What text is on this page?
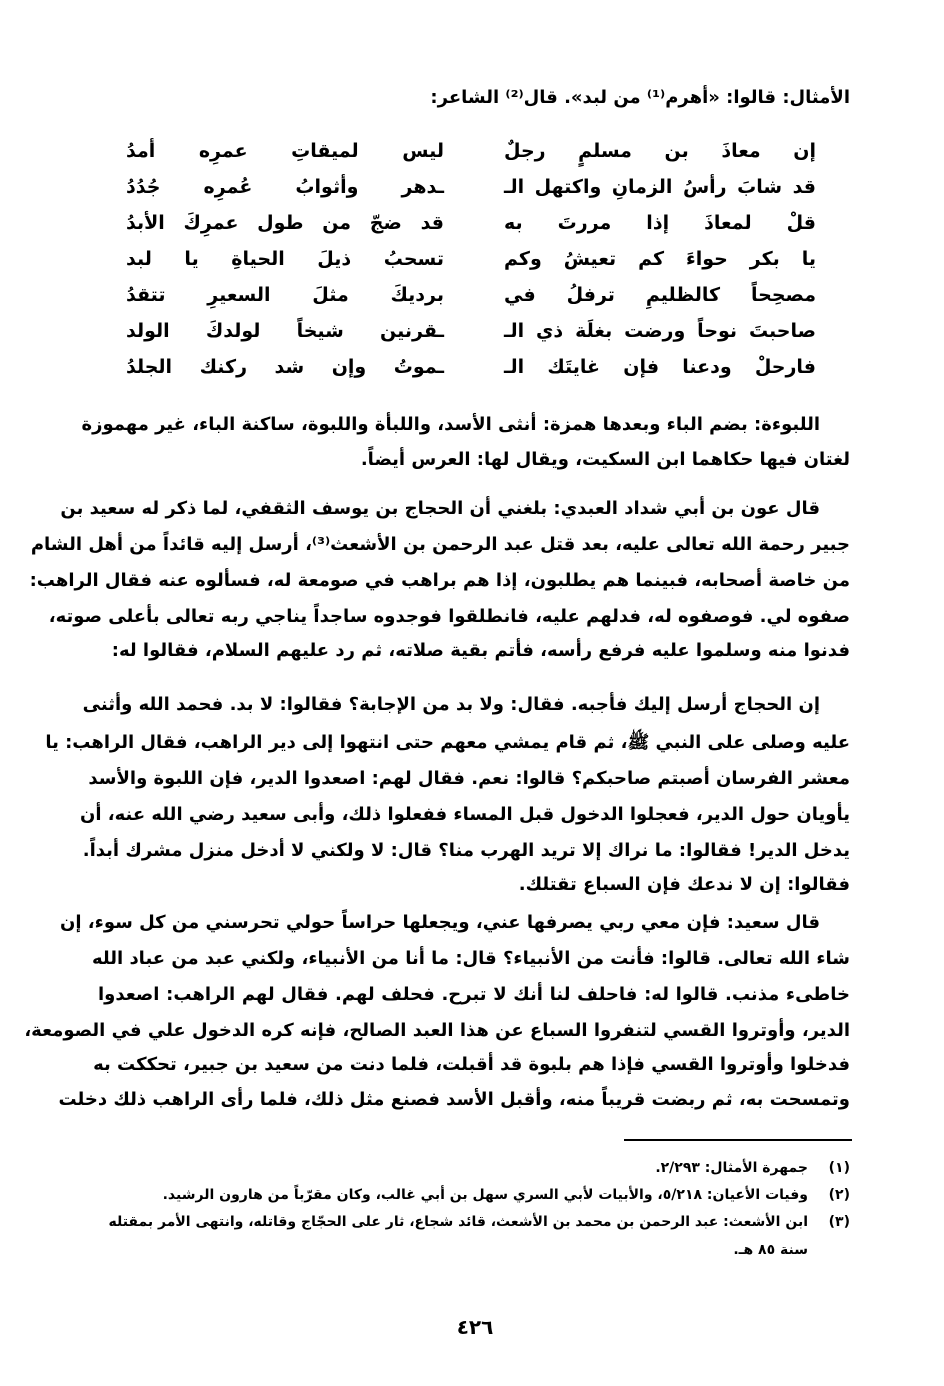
الأمثال: قالوا: «أهرم⁽¹⁾ من لبد». قال⁽²⁾ الشاعر:
إن معاذَ بن مسلمٍ رجلٌ
ليس لميقاتِ عمرِه أمدُ
قد شابَ رأسُ الزمانِ واكتهل الـ
ـدهر وأثوابُ عُمرِه جُدُدُ
قلْ لمعاذَ إذا مررتَ به
قد ضجّ من طول عمرِكَ الأبدُ
يا بكر حواءَ كم تعيشُ وكم
تسحبُ ذيلَ الحياةِ يا لبد
مصحِحاً كالظليمِ ترفلُ في
برديكَ مثلَ السعيرِ تتقدُ
صاحبتَ نوحاً ورضت بغلَة ذي الـ
ـقرنين شيخاً لولدكَ الولد
فارحلْ ودعنا فإن غايتَك الـ
ـموتُ وإن شد ركنك الجلدُ
اللبوءة: بضم الباء وبعدها همزة: أنثى الأسد، واللبأة واللبوة، ساكنة الباء، غير مهموزة
لغتان فيها حكاهما ابن السكيت، ويقال لها: العرس أيضاً.
قال عون بن أبي شداد العبدي: بلغني أن الحجاج بن يوسف الثقفي، لما ذكر له سعيد بن
جبير رحمة الله تعالى عليه، بعد قتل عبد الرحمن بن الأشعث⁽³⁾، أرسل إليه قائداً من أهل الشام
من خاصة أصحابه، فبينما هم يطلبون، إذا هم براهب في صومعة له، فسألوه عنه فقال الراهب:
صفوه لي. فوصفوه له، فدلهم عليه، فانطلقوا فوجدوه ساجداً يناجي ربه تعالى بأعلى صوته،
فدنوا منه وسلموا عليه فرفع رأسه، فأتم بقية صلاته، ثم رد عليهم السلام، فقالوا له:
إن الحجاج أرسل إليك فأجبه. فقال: ولا بد من الإجابة؟ فقالوا: لا بد. فحمد الله وأثنى
عليه وصلى على النبي ﷺ، ثم قام يمشي معهم حتى انتهوا إلى دير الراهب، فقال الراهب: يا
معشر الفرسان أصبتم صاحبكم؟ قالوا: نعم. فقال لهم: اصعدوا الدير، فإن اللبوة والأسد
يأويان حول الدير، فعجلوا الدخول قبل المساء ففعلوا ذلك، وأبى سعيد رضي الله عنه، أن
يدخل الدير! فقالوا: ما نراك إلا تريد الهرب منا؟ قال: لا ولكني لا أدخل منزل مشرك أبداً.
فقالوا: إن لا ندعك فإن السباع تقتلك.
قال سعيد: فإن معي ربي يصرفها عني، ويجعلها حراساً حولي تحرسني من كل سوء، إن
شاء الله تعالى. قالوا: فأنت من الأنبياء؟ قال: ما أنا من الأنبياء، ولكني عبد من عباد الله
خاطىء مذنب. قالوا له: فاحلف لنا أنك لا تبرح. فحلف لهم. فقال لهم الراهب: اصعدوا
الدير، وأوتروا القسي لتنفروا السباع عن هذا العبد الصالح، فإنه كره الدخول علي في الصومعة،
فدخلوا وأوتروا القسي فإذا هم بلبوة قد أقبلت، فلما دنت من سعيد بن جبير، تحككت به
وتمسحت به، ثم ربضت قريباً منه، وأقبل الأسد فصنع مثل ذلك، فلما رأى الراهب ذلك دخلت
(١)جمهرة الأمثال: ٢/٢٩٣.
(٢)وفيات الأعيان: ٥/٢١٨، والأبيات لأبي السري سهل بن أبي غالب، وكان مقرّباً من هارون الرشيد.
(٣)ابن الأشعث: عبد الرحمن بن محمد بن الأشعث، قائد شجاع، ثار على الحجّاج وقاتله، وانتهى الأمر بمقتله
سنة ٨٥ هـ.
٤٢٦
